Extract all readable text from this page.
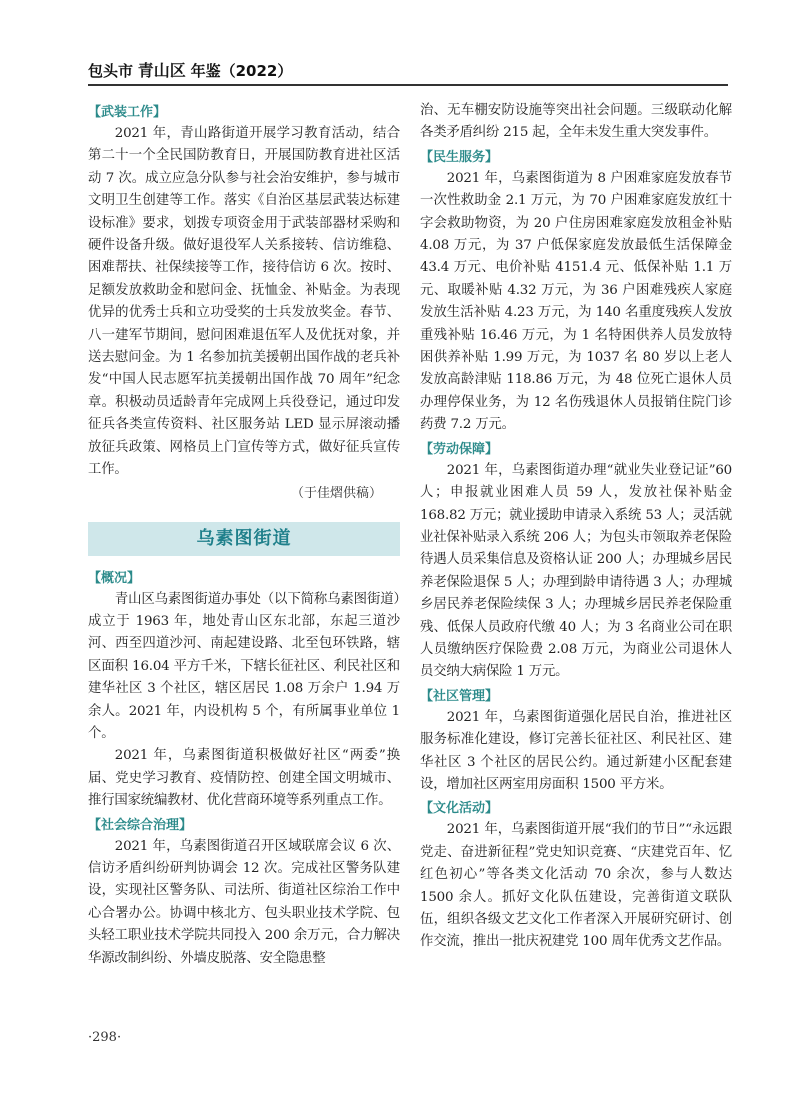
包头市 青山区 年鉴（2022）
【武装工作】

2021 年，青山路街道开展学习教育活动，结合第二十一个全民国防教育日，开展国防教育进社区活动 7 次。成立应急分队参与社会治安维护，参与城市文明卫生创建等工作。落实《自治区基层武装达标建设标准》要求，划拨专项资金用于武装部器材采购和硬件设备升级。做好退役军人关系接转、信访维稳、困难帮扶、社保续接等工作，接待信访 6 次。按时、足额发放救助金和慰问金、抚恤金、补贴金。为表现优异的优秀士兵和立功受奖的士兵发放奖金。春节、八一建军节期间，慰问困难退伍军人及优抚对象，并送去慰问金。为 1 名参加抗美援朝出国作战的老兵补发“中国人民志愿军抗美援朝出国作战 70 周年”纪念章。积极动员适龄青年完成网上兵役登记，通过印发征兵各类宣传资料、社区服务站 LED 显示屏滚动播放征兵政策、网格员上门宣传等方式，做好征兵宣传工作。

（于佳熠供稿）
乌素图街道
【概况】

青山区乌素图街道办事处（以下简称乌素图街道）成立于 1963 年，地处青山区东北部，东起三道沙河、西至四道沙河、南起建设路、北至包环铁路，辖区面积 16.04 平方千米，下辖长征社区、利民社区和建华社区 3 个社区，辖区居民 1.08 万余户 1.94 万余人。2021 年，内设机构 5 个，有所属事业单位 1 个。

2021 年，乌素图街道积极做好社区“两委”换届、党史学习教育、疫情防控、创建全国文明城市、推行国家统编教材、优化营商环境等系列重点工作。

【社会综合治理】

2021 年，乌素图街道召开区域联席会议 6 次、信访矛盾纠纷研判协调会 12 次。完成社区警务队建设，实现社区警务队、司法所、街道社区综治工作中心合署办公。协调中核北方、包头职业技术学院、包头轻工职业技术学院共同投入 200 余万元，合力解决华源改制纠纷、外墙皮脱落、安全隐患整

治、无车棚安防设施等突出社会问题。三级联动化解各类矛盾纠纷 215 起，全年未发生重大突发事件。

【民生服务】

2021 年，乌素图街道为 8 户困难家庭发放春节一次性救助金 2.1 万元，为 70 户困难家庭发放红十字会救助物资，为 20 户住房困难家庭发放租金补贴 4.08 万元，为 37 户低保家庭发放最低生活保障金 43.4 万元、电价补贴 4151.4 元、低保补贴 1.1 万元、取暖补贴 4.32 万元，为 36 户困难残疾人家庭发放生活补贴 4.23 万元，为 140 名重度残疾人发放重残补贴 16.46 万元，为 1 名特困供养人员发放特困供养补贴 1.99 万元，为 1037 名 80 岁以上老人发放高龄津贴 118.86 万元，为 48 位死亡退休人员办理停保业务，为 12 名伤残退休人员报销住院门诊药费 7.2 万元。

【劳动保障】

2021 年，乌素图街道办理“就业失业登记证”60 人；申报就业困难人员 59 人，发放社保补贴金 168.82 万元；就业援助申请录入系统 53 人；灵活就业社保补贴录入系统 206 人；为包头市领取养老保险待遇人员采集信息及资格认证 200 人；办理城乡居民养老保险退保 5 人；办理到龄申请待遇 3 人；办理城乡居民养老保险续保 3 人；办理城乡居民养老保险重残、低保人员政府代缴 40 人；为 3 名商业公司在职人员缴纳医疗保险费 2.08 万元，为商业公司退休人员交纳大病保险 1 万元。

【社区管理】

2021 年，乌素图街道强化居民自治，推进社区服务标准化建设，修订完善长征社区、利民社区、建华社区 3 个社区的居民公约。通过新建小区配套建设，增加社区两室用房面积 1500 平方米。

【文化活动】

2021 年，乌素图街道开展“我们的节日”“永远跟党走、奋进新征程”党史知识竞赛、“庆建党百年、忆红色初心”等各类文化活动 70 余次，参与人数达 1500 余人。抓好文化队伍建设，完善街道文联队伍，组织各级文艺文化工作者深入开展研究研讨、创作交流，推出一批庆祝建党 100 周年优秀文艺作品。

·298·
